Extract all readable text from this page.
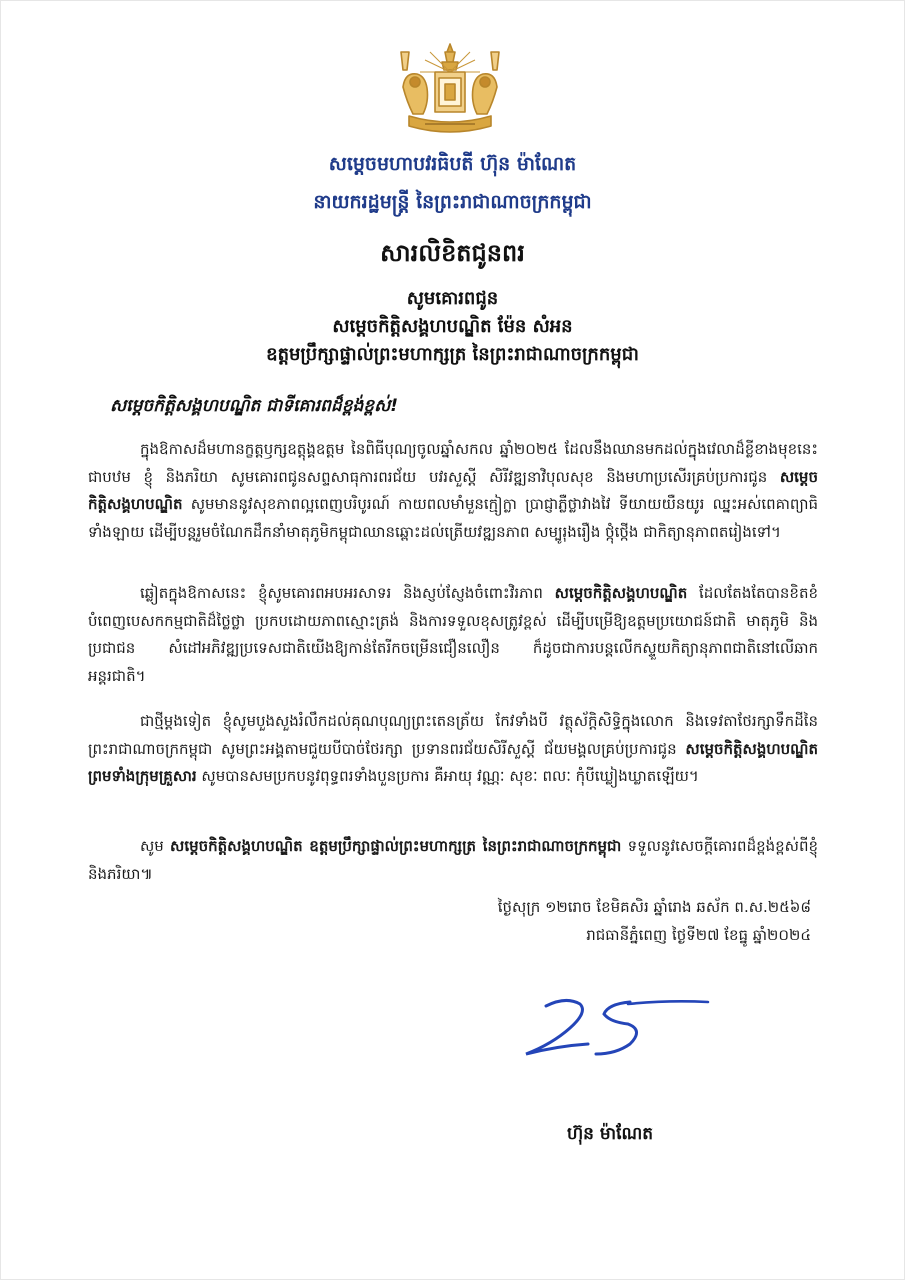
សម្តេចមហាបវរធិបតី ហ៊ុន ម៉ាណែត
នាយករដ្ឋមន្ត្រី នៃព្រះរាជាណាចក្រកម្ពុជា
សារលិខិតជូនពរ
សូមគោរពជូន
សម្តេចកិត្តិសង្គហបណ្ឌិត ម៉ែន សំអន
ឧត្តមប្រឹក្សាផ្ទាល់ព្រះមហាក្សត្រ នៃព្រះរាជាណាចក្រកម្ពុជា
សម្តេចកិត្តិសង្គហបណ្ឌិត ជាទីគោរពដ៏ខ្ពង់ខ្ពស់!

ក្នុងឱកាសដ៏មហានក្ខត្តឫក្សឧត្តុង្គឧត្តម នៃពិធីបុណ្យចូលឆ្នាំសកល ឆ្នាំ២០២៥ ដែលនឹងឈានមកដល់ក្នុងវេលាដ៏ខ្លីខាងមុខនេះ ជាបឋម ខ្ញុំ និងភរិយា សូមគោរពជូនសព្ទសាធុការពរជ័យ បវរសួស្តី សិរីវឌ្ឍនាវិបុលសុខ និងមហាប្រសើរគ្រប់ប្រការជូន សម្តេចកិត្តិសង្គហបណ្ឌិត សូមមាននូវសុខភាពល្អពេញបរិបូរណ៍ កាយពលមាំមួនក្មៀក្លា ប្រាជ្ញាភ្លឺថ្លាវាងវៃ ទីយាយយឺនយូរ ឈ្នះអស់ពេគាព្យាធិទាំងឡាយ ដើម្បីបន្តរួមចំណែកដឹកនាំមាតុភូមិកម្ពុជាឈានឆ្ពោះដល់ត្រើយវឌ្ឍនភាព សម្បូរុងរឿង ថ្កុំថ្កើង ជាកិត្យានុភាពតរៀងទៅ។

ឆ្លៀតក្នុងឱកាសនេះ ខ្ញុំសូមគោរពអបអរសាទរ និងស្ញប់ស្ញែងចំពោះវិរភាព សម្តេចកិត្តិសង្គហបណ្ឌិត ដែលតែងតែបានខិតខំបំពេញបេសកកម្មជាតិដ៏ថ្លៃថ្លា ប្រកបដោយភាពស្មោះត្រង់ និងការទទួលខុសត្រូវខ្ពស់ ដើម្បីបម្រើឱ្យឧត្តមប្រយោជន៍ជាតិ មាតុភូមិ និងប្រជាជន សំដៅអភិវឌ្ឍប្រទេសជាតិយើងឱ្យកាន់តែរីកចម្រើនជឿនលឿន ក៏ដូចជាការបន្តលើកស្ទួយកិត្យានុភាពជាតិនៅលើឆាកអន្តរជាតិ។

ជាថ្មីម្តងទៀត ខ្ញុំសូមបួងសួងរំលឹកដល់គុណបុណ្យព្រះតេនត្រ័យ កែវទាំងបី វត្ថុស័ក្តិសិទ្ធិក្នុងលោក និងទេវតាថែរក្សាទឹកដីនៃព្រះរាជាណាចក្រកម្ពុជា សូមព្រះអង្គតាមជួយបីបាច់ថែរក្សា ប្រទានពរជ័យសិរីសួស្តី ជ័យមង្គលគ្រប់ប្រការជូន សម្តេចកិត្តិសង្គហបណ្ឌិត ព្រមទាំងក្រុមគ្រួសារ សូមបានសមប្រកបនូវពុទ្ធពរទាំងបួនប្រការ គឺអាយុ វណ្ណៈ សុខៈ ពលៈ កុំបីឃ្លៀងឃ្លាតឡើយ។

សូម សម្តេចកិត្តិសង្គហបណ្ឌិត ឧត្តមប្រឹក្សាផ្ទាល់ព្រះមហាក្សត្រ នៃព្រះរាជាណាចក្រកម្ពុជា ទទួលនូវសេចក្តីគោរពដ៏ខ្ពង់ខ្ពស់ពីខ្ញុំ និងភរិយា៕

ថ្ងៃសុក្រ ១២រោច ខែមិគសិរ ឆ្នាំរោង ឆស័ក ព.ស.២៥៦៨
រាជធានីភ្នំពេញ ថ្ងៃទី២៧ ខែធ្នូ ឆ្នាំ២០២៤
ហ៊ុន ម៉ាណែត
